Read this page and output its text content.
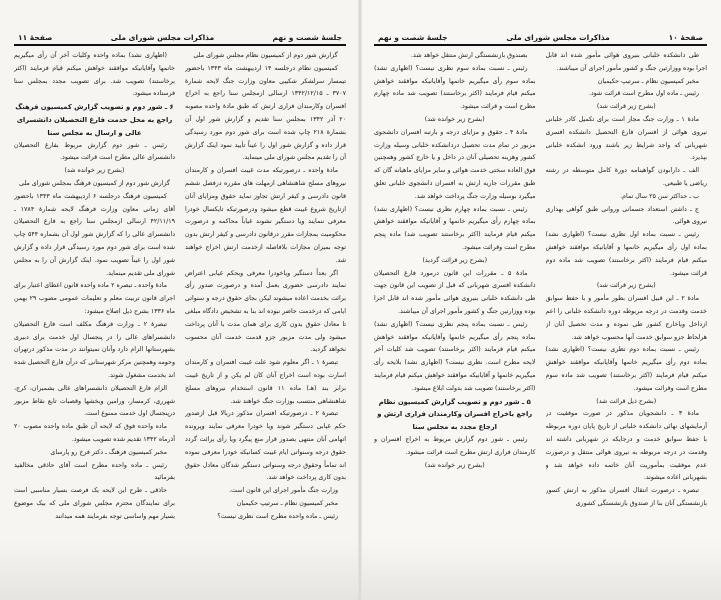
جلسهٔ شصت و نهم
مذاکرات مجلس شورای ملی
صفحهٔ ۱۱

گزارش شور دوم از کمیسیون نظام مجلس شورای ملی

کمیسیون نظام درجلسه ۱۴ اردیبهشت ماه ۱۳۴۳ باحضور تیمسار سرلشکر شکیبی معاون وزارت جنگ لایحه شمارهٔ ۳۷۰۷ ـ ۱۳۴۲/۱۲/۱۵ ارسالی ازمجلس سنا راجع به اخراج افسران وکارمندان فراری ارتش که طبق مادهٔ واحده مصوبه ۲۰ آذر ۱۳۴۲ بمجلس سنا تقدیم و گزارش شور اول آن بشمارهٔ ۲۱۸ چاپ شده است برای شور دوم مورد رسیدگی قرار داده و گزارش شور اول را عیناً تأیید نمود اینک گزارش آن را تقدیم مجلس شورای ملی مینماید.

مادهٔ واحده ـ درصورتیکه مدت غیبت افسران و کارمندان نیروهای مسلح شاهنشاهی ازمهلت های مقرره درفصل ششم قانون دادرسی و کیفر ارتش تجاوز نماید حقوق ومزایای آنان ازتاریخ شروع غیبت قطع میشود ودرصورتیکه تایکسال خودرا معرفی ننمایند ویا دستگیر نشوند غیاباً محاکمه و درصورت محکومیت بمجازات مقرر درقانون دادرسی و کیفر ارتش بدون توجه بمیزان مجازات بلافاصله ازخدمت ارتش اخراج خواهند شد.

اگر بعداً دستگیر ویاخودرا معرفی وبحکم غیابی اعتراض نمایند دادرسی حضوری بعمل آمده و درصورت صدور رأی برائت بخدمت اعاده میشوند لیکن بجای حقوق درجه و سنواتی ایامی که درخدمت حاضر نبوده اند بنا به تشخیص دادگاه مبلغی تا معادل حقوق بدون کاری برای همان مدت با آنان پرداخت میشود ولی مدت مزبور جزو قدمت خدمت آنان محسوب نخواهد گردید.

تبصرهٔ ۱ ـ اگر معلوم شود علت غیبت افسران و کارمندان اسارت بوده است اخراج آنان کان لم یکن و از تاریخ غیبت برابر بند (هـ) ماده ۱۱ قانون استخدام نیروهای مسلح شاهنشاهی منتسب بوزارت جنگ خواهند شد.

تبصرهٔ ۲ ـ درصورتیکه افسران مذکور دربالا قبل ازصدور حکم غیابی دستگیر شوند ویا خودرا معرفی نمایند وپرونده اتهامی آنان منتهی بصدور قرار منع پیگرد ویا رأی برائت گردد حقوق درجه وسنواتی ایام غیبت کسانیکه خودرا معرفی نموده اند تماماً وحقوق درجه وسنواتی دستگیر شدگان معادل حقوق بدون کاری پرداخت خواهد شد.

وزارت جنگ مأمور اجرای این قانون است.

مخبر کمیسیون نظام ـ سرتیپ حکیمیان

رئیس ـ ماده واحده مطرح است نظری نیست؟

(اظهاری نشد) بماده واحده وکلیات آخر آن رأی میگیریم خانمها وآقایانیکه موافقند خواهش میکنم قیام فرمایند (اکثر برخاستند) تصویب شد. برای تصویب مجدد بمجلس سنا فرستاده میشود.

۶ ـ شور دوم و تصویب گزارش کمیسیون فرهنگ راجع به محل خدمت فارغ التحصیلان دانشسرای عالی و ارسال به مجلس سنا

رئیس ـ شور دوم گزارش مربوط بفارغ التحصیلان دانشسرای عالی مطرح است قرائت میشود.

(بشرح زیر خوانده شد)

گزارش شور دوم از کمیسیون فرهنگ بمجلس شورای ملی

کمیسیون فرهنگ درجلسه ۶ اردیبهشت ماه ۱۳۴۳ باحضور آقای زمانی معاون وزارت فرهنگ لایحه شمارهٔ ۱۷۸۴ ـ ۴۲/۱۱/۱۹ ارسالی ازمجلس سنا راجع به فارغ التحصیلان دانشسرای عالی را که گزارش شور اول آن بشماره ۵۴۴ چاپ شده است برای شور دوم مورد رسیدگی قرار داده و گزارش شور اول را عیناً تصویب نمود. اینک گزارش آن را به مجلس شورای ملی تقدیم مینماید.

مادهٔ واحده ـ تبصره ۲ ماده واحده قانون اعطای اعتبار برای اجرای قانون تربیت معلم و تعلیمات عمومی مصوب ۲۹ بهمن ماه ۱۳۳۶ بشرح ذیل اصلاح میشود:

تبصرهٔ ۲ ـ وزارت فرهنگ مکلف است فارغ التحصیلان دانشسراهای عالی را در پنجسال اول خدمت برای دبیری بشهرستانها الزام دارد وآنان نمیتوانند در مدت مذکور درتهران وحومه وهمچنین مرکز شهرستانی که درآن فارغ التحصیل شده اند بخدمت مشغول شوند.

الزام فارغ التحصیلان دانشسراهای عالی بشمیران، کرج، شهرری، کرمسار، ورامین وبخشها وقصبات تابع نقاط مزبور درپنجسال اول خدمت ممنوع است.

ماده واحده فوق که لایحه آن طبق ماده واحده مصوب ۲۰ آذرماه ۱۳۴۲ تقدیم شده تصویب میشود.

مخبر کمیسیون فرهنگ ـ دکتر فرخ رو پارسای

رئیس ـ ماده واحده مطرح است آقای حاذقی مخالفید بفرمائید

حاذقی ـ طرح این لایحه یک فرصت بسیار مناسبی است برای نمایندگان محترم مجلس شورای ملی که بیک موضوع بسیار مهم واساسی توجه بفرمایند همه میدانند

صفحهٔ ۱۰
مذاکرات مجلس شورای ملی
جلسهٔ شصت و نهم

طی دانشکده خلبانی بنیروی هوائی مأمور شده اند قابل اجرا بوده ووزارتین جنگ و کشور مأمور اجرای آن میباشند.

مخبر کمیسیون نظام ـ سرتیپ حکیمیان

رئیس ـ ماده اول مطرح است قرائت شود.

(بشرح زیر قرائت شد)

مادهٔ ۱ ـ وزارت جنگ مجاز است برای تکمیل کادر خلبانی نیروی هوائی از افسران فارغ التحصیل دانشکده افسری شهربانی که واجد شرایط زیر باشند ورود انشکده خلبانی بپذیرد.

الف ـ دارابودن گواهینامه دورهٔ کامل متوسطه در رشته ریاضی یا طبیعی.

ب ـ حداکثر سن ۲۵ سال تمام.

ج ـ داشتن استعداد جسمانی وروانی طبق گواهی بهداری نیروی هوائی.

رئیس ـ نسبت بماده اول نظری نیست؟ (اظهاری نشد) بماده اول رأی میگیریم خانمها و آقایانیکه موافقند خواهش میکنم قیام فرمایند (اکثر برخاستند) تصویب شد ماده دوم قرائت میشود.

(بشرح زیر قرائت شد)

مادهٔ ۲ ـ این قبیل افسران بطور مأمور و با حفظ سوابق خدمت وقدمت در درجه مربوطه دوره دانشکده خلبانی را اعم ازداخل ویاخارج کشور طی نموده و مدت تحصیل آنان از هرلحاظ جزو سوابق خدمت آنها محسوب خواهد شد.

رئیس ـ نسبت بماده دوم نظری نیست؟ (اظهاری نشد) بماده دوم رأی میگیریم خانمها وآقایانیکه موافقند خواهش میکنم قیام فرمایند (اکثر برخاستند) تصویب شد ماده سوم مطرح است وقرائت میشود.

(بشرح ذیل قرائت شد)

مادهٔ ۳ ـ دانشجویان مذکور در صورت موفقیت در آزمایشهای نهائی دانشکده خلبانی از تاریخ پایان دوره مربوطه با حفظ سوابق خدمت و درجایکه در شهربانی داشته اند وقدمت در درجه مربوطه به نیروی هوائی منتقل و درصورت عدم موفقیت بمأموریت آنان خاتمه داده خواهد شد و بشهربانی اعاده میشوند.

تبصره ـ درصورت انتقال افسران مذکور به ارتش کسور بازنشستگی آنان بنا از صندوق بازنشستگی کشوری

بصندوق بازنشستگی ارتش منتقل خواهد شد.

رئیس ـ نسبت بماده سوم نظری نیست؟ (اظهاری نشد) بماده سوم رأی میگیریم خانمها وآقایانیکه موافقند خواهش میکنم قیام فرمایند (اکثر برخاستند) تصویب شد ماده چهارم مطرح است و قرائت میشود.

(بشرح زیر خوانده شد)

مادهٔ ۴ ـ حقوق و مزایای درجه و بارتبه افسران دانشجوی مزبور در تمام مدت تحصیل دردانشکده خلبانی وسیله وزارت کشور وهزینه تحصیلی آنان در داخل و یا خارج کشور وهمچنین فوق العاده سختی خدمت هوائی و سایر مزایای ماهیانه گان که طبق مقررات جاریه ارتش به افسران دانشجوی خلبانی تعلق میگیرد بوسیله وزارت جنگ پرداخت خواهد شد.

رئیس ـ نسبت بماده چهارم نظری نیست؟ (اظهاری نشد) بماده چهارم رأی میگیریم خانمها و آقایانیکه موافقند خواهش میکنم قیام فرمایند (اکثر برخاستند تصویب شد) ماده پنجم مطرح است وقرائت میشود.

(بشرح زیر قرائت گردید)

مادهٔ ۵ ـ مقررات این قانون درمورد فارغ التحصیلان دانشکده افسری شهربانی که قبل از تصویب این قانون جهت طی دانشکده خلبانی بنیروی هوائی مأمور شده اند قابل اجرا بوده ووزارتین جنگ و کشور مأمور اجرای آن میباشند.

رئیس ـ نسبت بماده پنجم نظری نیست؟ (اظهاری نشد) بماده پنجم رأی میگیریم خانمها وآقایانیکه موافقند خواهش میکنم قیام فرمایند (اکثر برخاستند) تصویب شد کلیات آخر لایحه مطرح است. نظری نیست؟ (اظهاری نشد) بلایحه رأی میگیریم خانمها و آقایانیکه موافقند خواهش میکنم قیام فرمایند (اکثر برخاستند) تصویب شد بدولت ابلاغ میشود.

۵ ـ شور دوم و تصویب گزارش کمیسیون نظام راجع باخراج افسران وکارمندان فراری ارتش و ارجاع مجدد به مجلس سنا

رئیس ـ شور دوم گزارش مربوط به اخراج افسران و کارمندان فراری ارتش مطرح است قرائت میشود.

(بشرح زیر خوانده شد)
